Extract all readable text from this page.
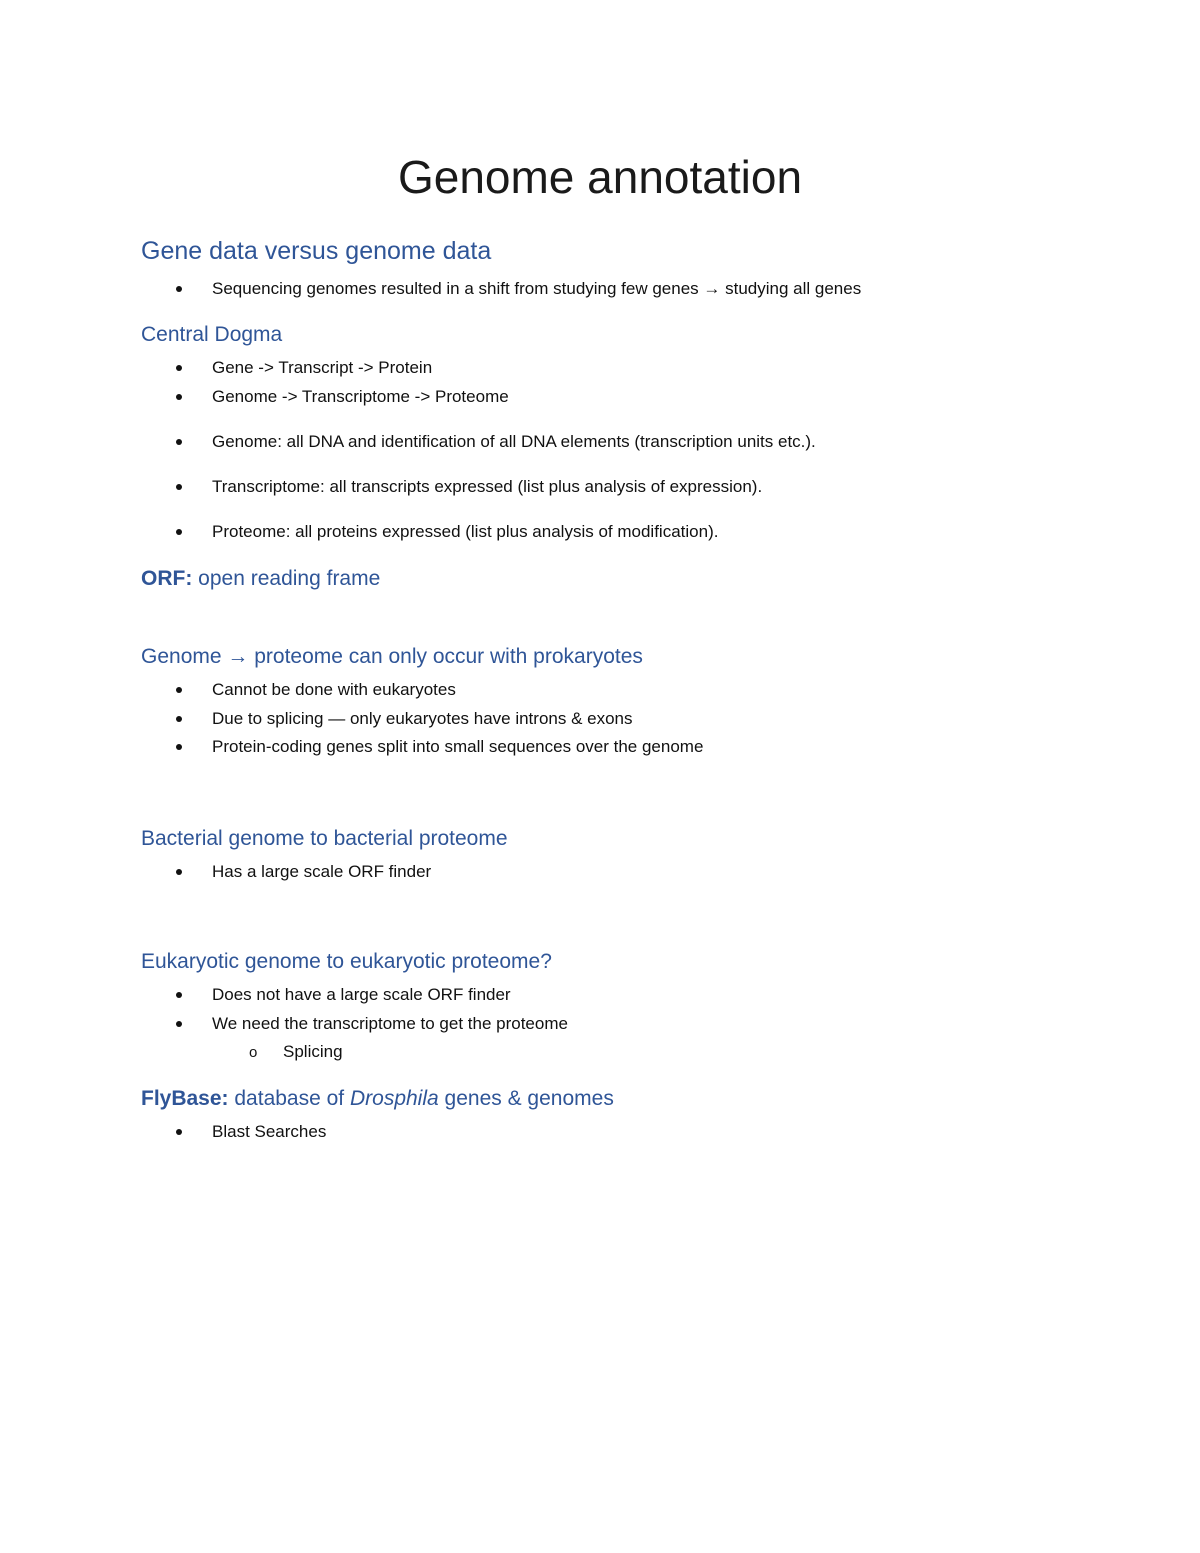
Genome annotation
Gene data versus genome data
Sequencing genomes resulted in a shift from studying few genes → studying all genes
Central Dogma
Gene -> Transcript -> Protein
Genome -> Transcriptome -> Proteome
Genome: all DNA and identification of all DNA elements (transcription units etc.).
Transcriptome: all transcripts expressed (list plus analysis of expression).
Proteome: all proteins expressed (list plus analysis of modification).
ORF: open reading frame
Genome → proteome can only occur with prokaryotes
Cannot be done with eukaryotes
Due to splicing — only eukaryotes have introns & exons
Protein-coding genes split into small sequences over the genome
Bacterial genome to bacterial proteome
Has a large scale ORF finder
Eukaryotic genome to eukaryotic proteome?
Does not have a large scale ORF finder
We need the transcriptome to get the proteome
o Splicing
FlyBase: database of Drosphila genes & genomes
Blast Searches
